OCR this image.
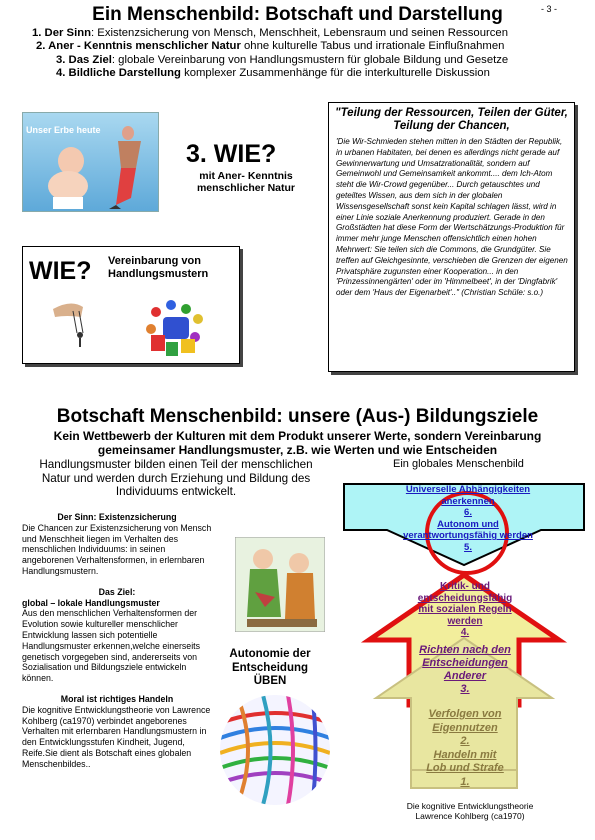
- 3 -
Ein Menschenbild: Botschaft und Darstellung
1. Der Sinn: Existenzsicherung von Mensch, Menschheit, Lebensraum und seinen Ressourcen
2. Aner - Kenntnis menschlicher Natur ohne kulturelle Tabus und irrationale Einflußnahmen
3. Das Ziel: globale Vereinbarung von Handlungsmustern für globale Bildung und Gesetze
4. Bildliche Darstellung komplexer Zusammenhänge für die interkulturelle Diskussion
Unser Erbe heute
3. WIE?
mit Aner- Kenntnis
menschlicher Natur
WIE? Vereinbarung von
Handlungsmustern
"Teilung der Ressourcen, Teilen der Güter,
Teilung der Chancen,
'Die Wir-Schmieden stehen mitten in den Städten der Republik, in urbanen Habitaten, bei denen es allerdings nicht gerade auf Gewinnerwartung und Umsatzrationalität, sondern auf Gemeinwohl und Gemeinsamkeit ankommt.... dem Ich-Atom steht die Wir-Crowd gegenüber... Durch getauschtes und geteiltes Wissen, aus dem sich in der globalen Wissensgesellschaft sonst kein Kapital schlagen lässt, wird in einer Linie soziale Anerkennung produziert. Gerade in den Großstädten hat diese Form der Wertschätzungs-Produktion für immer mehr junge Menschen offensichtlich einen hohen Mehrwert: Sie teilen sich die Commons, die Grundgüter. Sie treffen auf Gleichgesinnte, verschieben die Grenzen der eigenen Privatsphäre zugunsten einer Kooperation... in den 'Prinzessinnengärten' oder im 'Himmelbeet', in der 'Dingfabrik' oder dem 'Haus der Eigenarbeit'.." (Christian Schüle: s.o.)
Botschaft Menschenbild: unsere (Aus-) Bildungsziele
Kein Wettbewerb der Kulturen mit dem Produkt unserer Werte, sondern Vereinbarung
gemeinsamer Handlungsmuster, z.B. wie Werten und wie Entscheiden
Handlungsmuster bilden einen Teil der menschlichen Natur und werden durch Erziehung und Bildung des Individuums entwickelt.
Ein globales Menschenbild
Der Sinn: Existenzsicherung
Die Chancen zur Existenzsicherung von Mensch und Menschheit liegen im Verhalten des menschlichen Individuums: in seinen angeborenen Verhaltensformen, in erlernbaren Handlungsmustern.
Das Ziel:
global – lokale Handlungsmuster
Aus den menschlichen Verhaltensformen der Evolution sowie kultureller menschlicher Entwicklung lassen sich potentielle Handlungsmuster erkennen,welche einerseits genetisch vorgegeben sind, andererseits von Sozialisation und Bildungsziele entwickeln können.
Moral ist richtiges Handeln
Die kognitive Entwicklungstheorie von Lawrence Kohlberg (ca1970) verbindet angeborenes Verhalten mit erlernbaren Handlungsmustern in den Entwicklungsstufen Kindheit, Jugend, Reife.Sie dient als Botschaft eines globalen Menschenbildes..
Autonomie der
Entscheidung
ÜBEN
Universelle Abhängigkeiten
anerkennen
6.
Autonom und
verantwortungsfähig werden
5.
Kritik- und
entscheidungsfähig
mit sozialen Regeln
werden
4.
Richten nach den
Entscheidungen
Anderer
3.
Verfolgen von
Eigennutzen
2.
Handeln mit
Lob und Strafe
1.
Die kognitive Entwicklungstheorie
Lawrence Kohlberg (ca1970)
